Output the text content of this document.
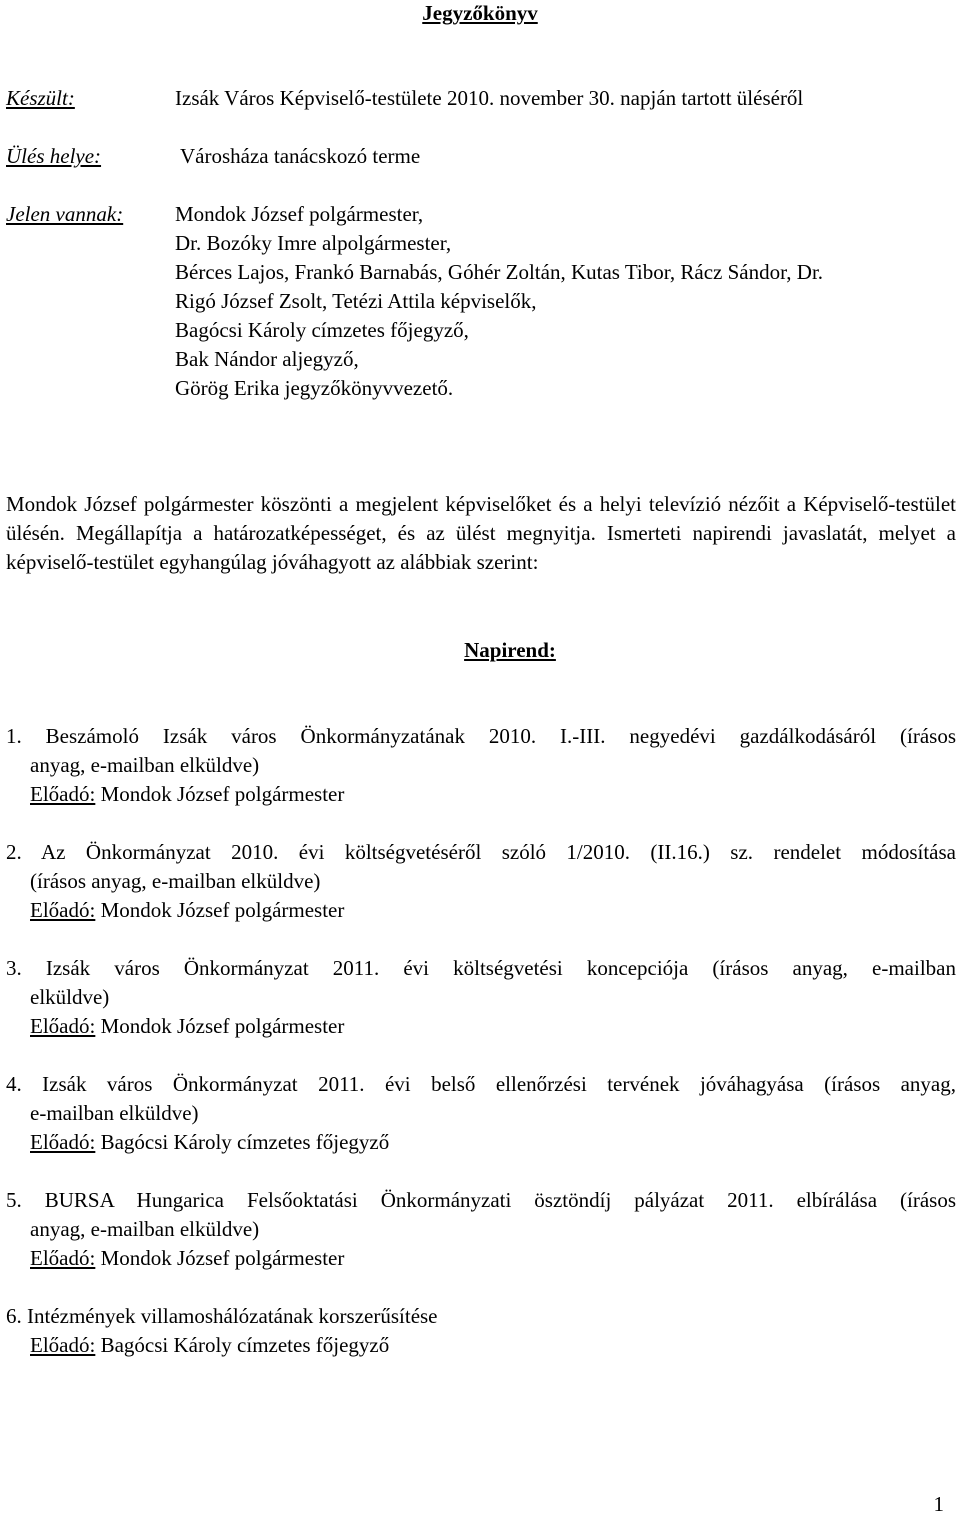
Jegyzőkönyv
Készült:	Izsák Város Képviselő-testülete 2010. november 30. napján tartott üléséről
Ülés helye:	Városháza tanácskozó terme
Jelen vannak: Mondok József polgármester,
Dr. Bozóky Imre alpolgármester,
Bérces Lajos, Frankó Barnabás, Góhér Zoltán, Kutas Tibor, Rácz Sándor, Dr.
Rigó József Zsolt, Tetézi Attila képviselők,
Bagócsi Károly címzetes főjegyző,
Bak Nándor aljegyző,
Görög Erika jegyzőkönyvvezető.
Mondok József polgármester köszönti a megjelent képviselőket és a helyi televízió nézőit a Képviselő-testület ülésén. Megállapítja a határozatképességet, és az ülést megnyitja. Ismerteti napirendi javaslatát, melyet a képviselő-testület egyhangúlag jóváhagyott az alábbiak szerint:
Napirend:
1. Beszámoló Izsák város Önkormányzatának 2010. I.-III. negyedévi gazdálkodásáról (írásos
anyag, e-mailban elküldve)
Előadó: Mondok József polgármester
2. Az Önkormányzat 2010. évi költségvetéséről szóló 1/2010. (II.16.) sz. rendelet módosítása
(írásos anyag, e-mailban elküldve)
Előadó: Mondok József polgármester
3. Izsák város Önkormányzat 2011. évi költségvetési koncepciója (írásos anyag, e-mailban
elküldve)
Előadó: Mondok József polgármester
4. Izsák város Önkormányzat 2011. évi belső ellenőrzési tervének jóváhagyása (írásos anyag,
e-mailban elküldve)
Előadó: Bagócsi Károly címzetes főjegyző
5. BURSA Hungarica Felsőoktatási Önkormányzati ösztöndíj pályázat 2011. elbírálása (írásos
anyag, e-mailban elküldve)
Előadó: Mondok József polgármester
6. Intézmények villamoshálózatának korszerűsítése
Előadó: Bagócsi Károly címzetes főjegyző
1
